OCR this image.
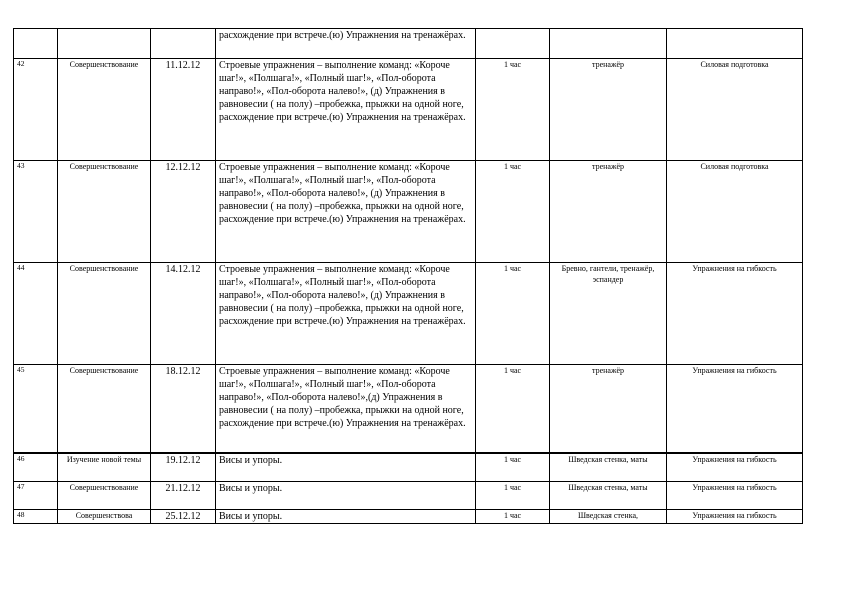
			расхождение при встрече.(ю) Упражнения на тренажёрах.			
42	Совершенствование	11.12.12	Строевые упражнения – выполнение команд: «Короче шаг!», «Полшага!», «Полный шаг!», «Пол-оборота направо!», «Пол-оборота налево!», (д) Упражнения в равновесии ( на полу) –пробежка, прыжки на одной ноге, расхождение при встрече.(ю) Упражнения на тренажёрах.	1 час	тренажёр	Силовая подготовка
43	Совершенствование	12.12.12	Строевые упражнения – выполнение команд: «Короче шаг!», «Полшага!», «Полный шаг!», «Пол-оборота направо!», «Пол-оборота налево!», (д) Упражнения в равновесии ( на полу) –пробежка, прыжки на одной ноге, расхождение при встрече.(ю) Упражнения на тренажёрах.	1 час	тренажёр	Силовая подготовка
44	Совершенствование	14.12.12	Строевые упражнения – выполнение команд: «Короче шаг!», «Полшага!», «Полный шаг!», «Пол-оборота направо!», «Пол-оборота налево!», (д) Упражнения в равновесии ( на полу) –пробежка, прыжки на одной ноге, расхождение при встрече.(ю) Упражнения на тренажёрах.	1 час	Бревно, гантели, тренажёр, эспандер	Упражнения на гибкость
45	Совершенствование	18.12.12	Строевые упражнения – выполнение команд: «Короче шаг!», «Полшага!», «Полный шаг!», «Пол-оборота направо!», «Пол-оборота налево!»,(д) Упражнения в равновесии ( на полу) –пробежка, прыжки на одной ноге, расхождение при встрече.(ю) Упражнения на тренажёрах.	1 час	тренажёр	Упражнения на гибкость
46	Изучение новой темы	19.12.12	Висы и упоры.	1 час	Шведская стенка, маты	Упражнения на гибкость
47	Совершенствование	21.12.12	Висы и упоры.	1 час	Шведская стенка, маты	Упражнения на гибкость
48	Совершенствова	25.12.12	Висы и упоры.	1 час	Шведская стенка,	Упражнения на гибкость
